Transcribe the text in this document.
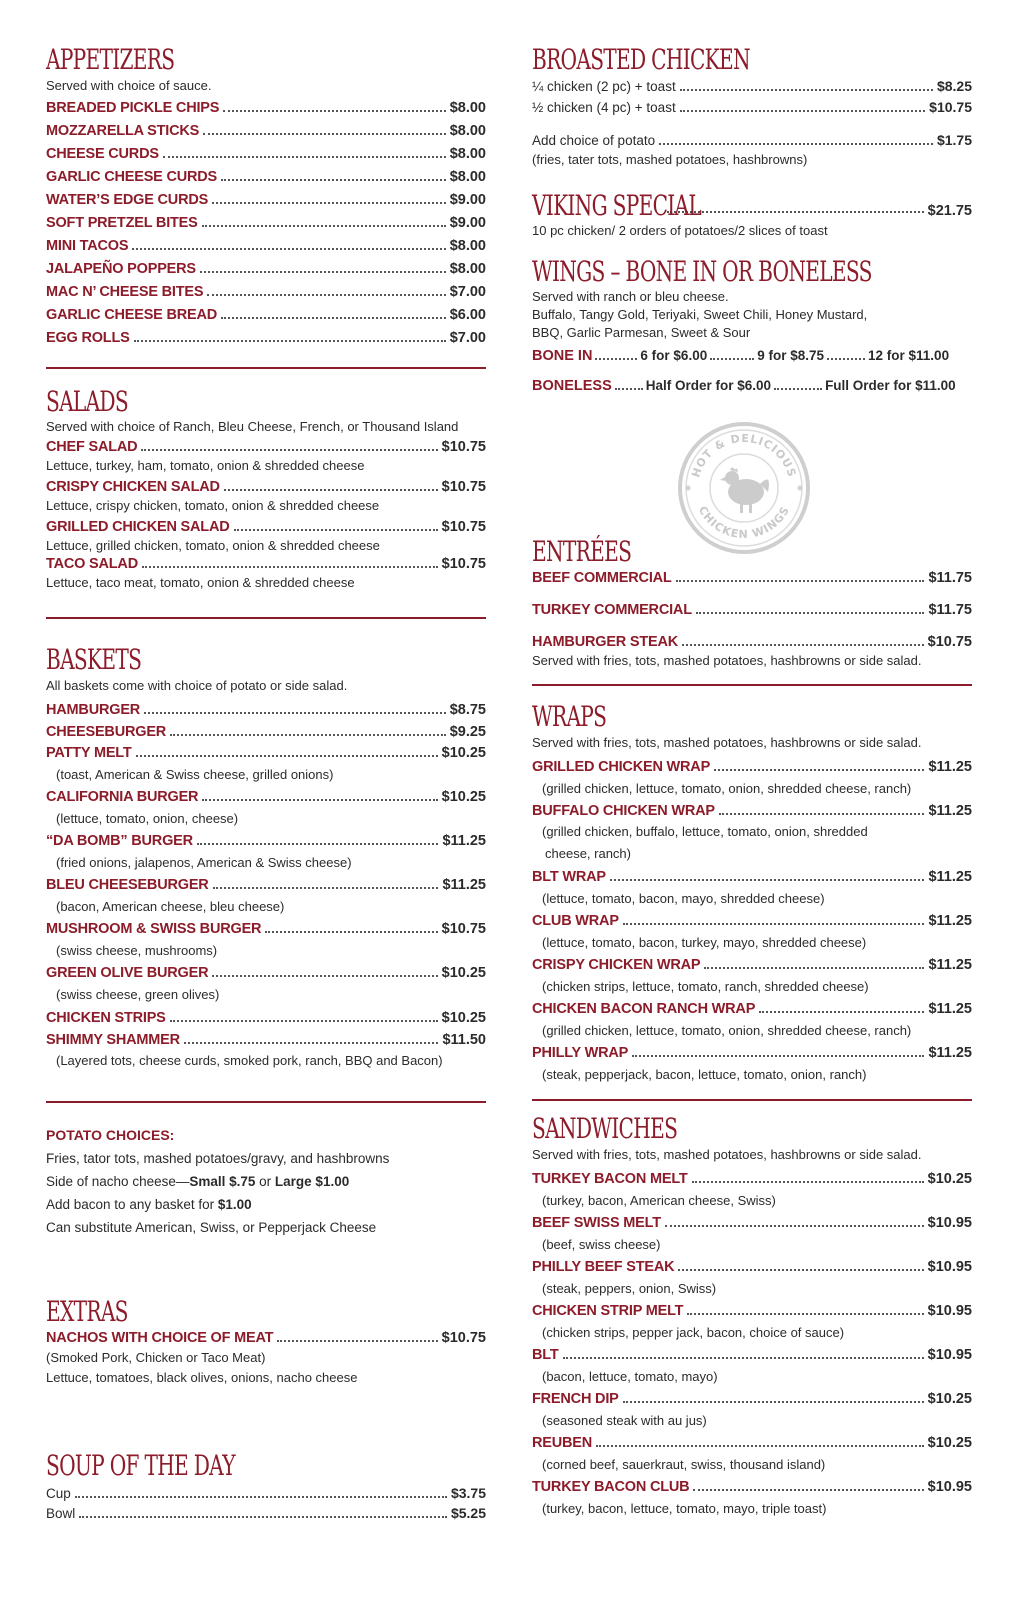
APPETIZERS
Served with choice of sauce.
BREADED PICKLE CHIPS	$8.00
MOZZARELLA STICKS	$8.00
CHEESE CURDS	$8.00
GARLIC CHEESE CURDS	$8.00
WATER’S EDGE CURDS	$9.00
SOFT PRETZEL BITES	$9.00
MINI TACOS	$8.00
JALAPEÑO POPPERS	$8.00
MAC N’ CHEESE BITES	$7.00
GARLIC CHEESE BREAD	$6.00
EGG ROLLS	$7.00
SALADS
Served with choice of Ranch, Bleu Cheese, French, or Thousand Island
CHEF SALAD	$10.75
Lettuce, turkey, ham, tomato, onion & shredded cheese
CRISPY CHICKEN SALAD	$10.75
Lettuce, crispy chicken, tomato, onion & shredded cheese
GRILLED CHICKEN SALAD	$10.75
Lettuce, grilled chicken, tomato, onion & shredded cheese
TACO SALAD	$10.75
Lettuce, taco meat, tomato, onion & shredded cheese
BASKETS
All baskets come with choice of potato or side salad.
HAMBURGER	$8.75
CHEESEBURGER	$9.25
PATTY MELT	$10.25
(toast, American & Swiss cheese, grilled onions)
CALIFORNIA BURGER	$10.25
(lettuce, tomato, onion, cheese)
“DA BOMB” BURGER	$11.25
(fried onions, jalapenos, American & Swiss cheese)
BLEU CHEESEBURGER	$11.25
(bacon, American cheese, bleu cheese)
MUSHROOM & SWISS BURGER	$10.75
(swiss cheese, mushrooms)
GREEN OLIVE BURGER	$10.25
(swiss cheese, green olives)
CHICKEN STRIPS	$10.25
SHIMMY SHAMMER	$11.50
(Layered tots, cheese curds, smoked pork, ranch, BBQ and Bacon)
POTATO CHOICES:
Fries, tator tots, mashed potatoes/gravy, and hashbrowns
Side of nacho cheese—Small $.75 or Large $1.00
Add bacon to any basket for $1.00
Can substitute American, Swiss, or Pepperjack Cheese
EXTRAS
NACHOS WITH CHOICE OF MEAT	$10.75
(Smoked Pork, Chicken or Taco Meat)
Lettuce, tomatoes, black olives, onions, nacho cheese
SOUP OF THE DAY
Cup	$3.75
Bowl	$5.25
BROASTED CHICKEN
¼ chicken (2 pc) + toast	$8.25
½ chicken (4 pc) + toast	$10.75
Add choice of potato	$1.75
(fries, tater tots, mashed potatoes, hashbrowns)
VIKING SPECIAL	$21.75
10 pc chicken/ 2 orders of potatoes/2 slices of toast
WINGS – BONE IN OR BONELESS
Served with ranch or bleu cheese.
Buffalo, Tangy Gold, Teriyaki, Sweet Chili, Honey Mustard,
BBQ, Garlic Parmesan, Sweet & Sour
BONE IN	6 for $6.00	9 for $8.75	12 for $11.00
BONELESS	Half Order for $6.00	Full Order for $11.00
HOT & DELICIOUS
CHICKEN WINGS
ENTRÉES
BEEF COMMERCIAL	$11.75
TURKEY COMMERCIAL	$11.75
HAMBURGER STEAK	$10.75
Served with fries, tots, mashed potatoes, hashbrowns or side salad.
WRAPS
Served with fries, tots, mashed potatoes, hashbrowns or side salad.
GRILLED CHICKEN WRAP	$11.25
(grilled chicken, lettuce, tomato, onion, shredded cheese, ranch)
BUFFALO CHICKEN WRAP	$11.25
(grilled chicken, buffalo, lettuce, tomato, onion, shredded
cheese, ranch)
BLT WRAP	$11.25
(lettuce, tomato, bacon, mayo, shredded cheese)
CLUB WRAP	$11.25
(lettuce, tomato, bacon, turkey, mayo, shredded cheese)
CRISPY CHICKEN WRAP	$11.25
(chicken strips, lettuce, tomato, ranch, shredded cheese)
CHICKEN BACON RANCH WRAP	$11.25
(grilled chicken, lettuce, tomato, onion, shredded cheese, ranch)
PHILLY WRAP	$11.25
(steak, pepperjack, bacon, lettuce, tomato, onion, ranch)
SANDWICHES
Served with fries, tots, mashed potatoes, hashbrowns or side salad.
TURKEY BACON MELT	$10.25
(turkey, bacon, American cheese, Swiss)
BEEF SWISS MELT	$10.95
(beef, swiss cheese)
PHILLY BEEF STEAK	$10.95
(steak, peppers, onion, Swiss)
CHICKEN STRIP MELT	$10.95
(chicken strips, pepper jack, bacon, choice of sauce)
BLT	$10.95
(bacon, lettuce, tomato, mayo)
FRENCH DIP	$10.25
(seasoned steak with au jus)
REUBEN	$10.25
(corned beef, sauerkraut, swiss, thousand island)
TURKEY BACON CLUB	$10.95
(turkey, bacon, lettuce, tomato, mayo, triple toast)
